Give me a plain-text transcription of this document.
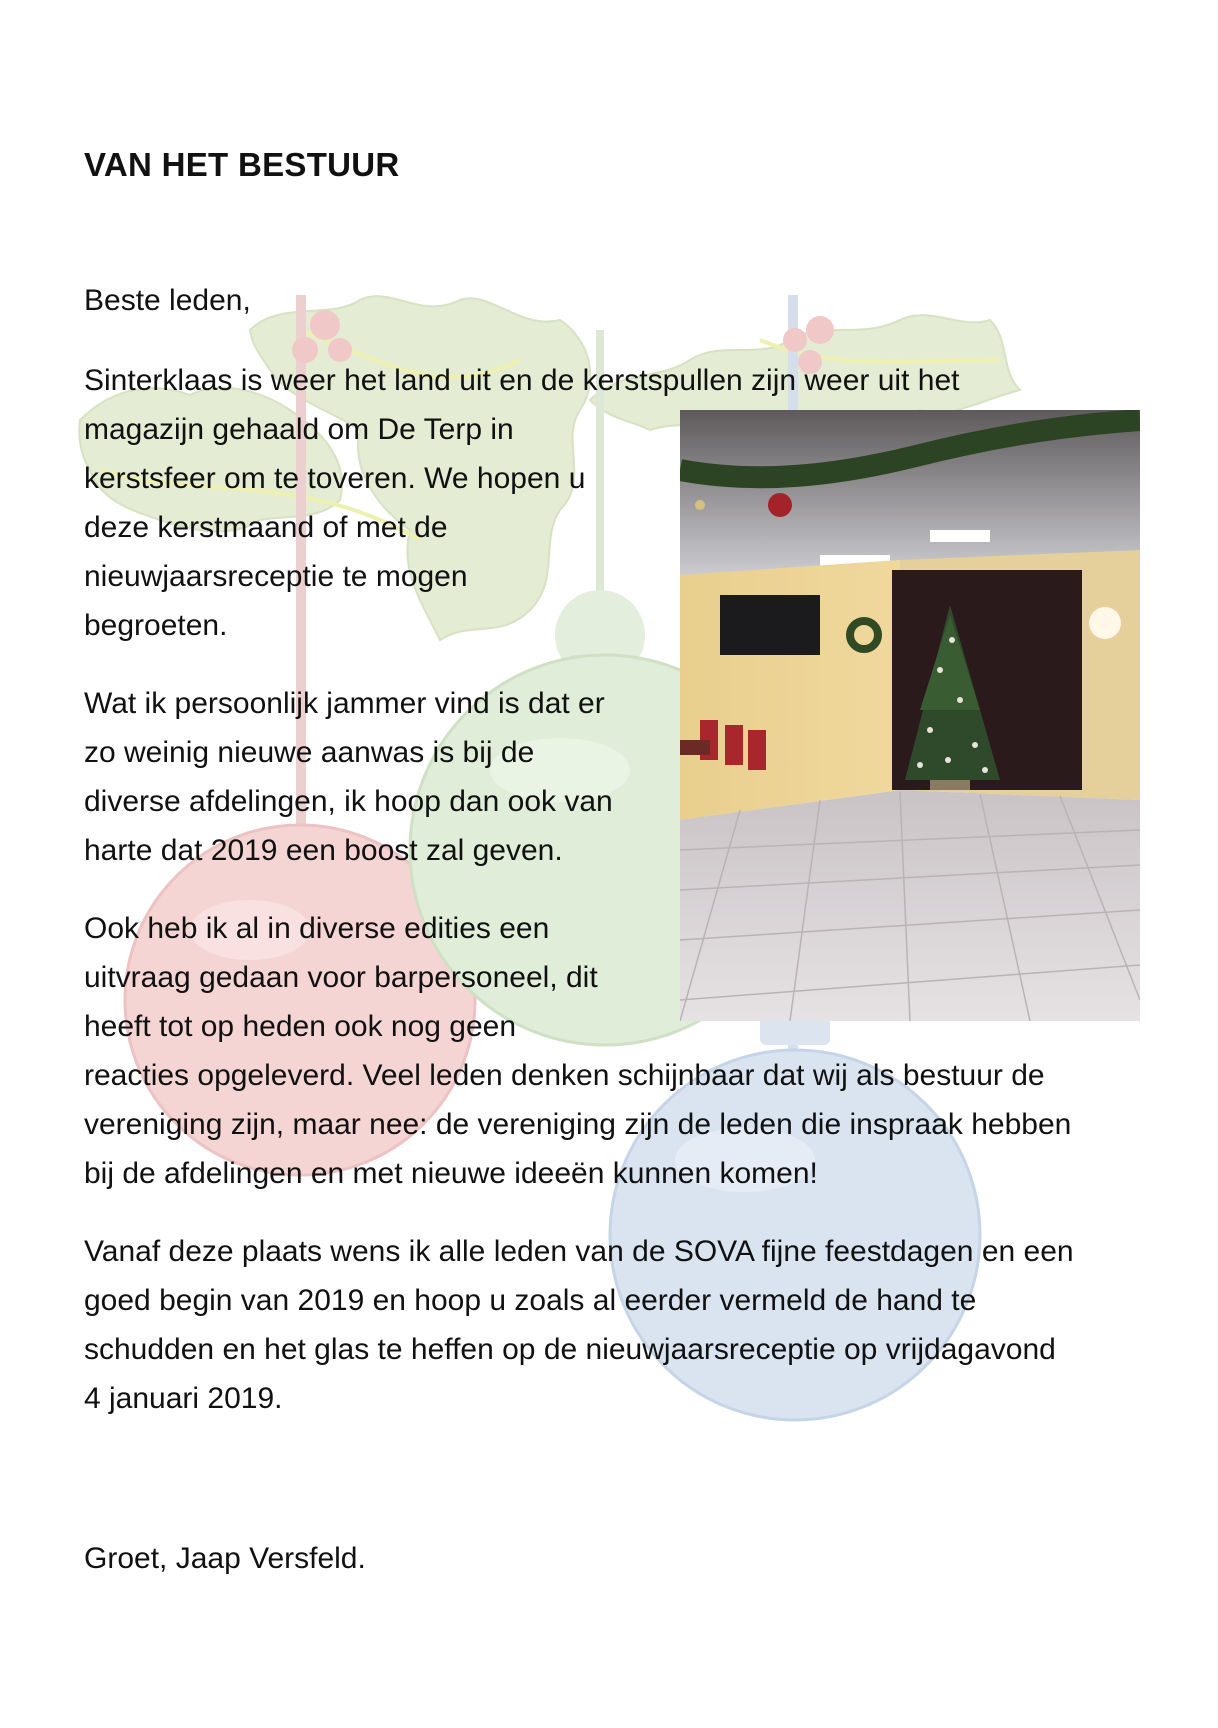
VAN HET BESTUUR
Beste leden,
Sinterklaas is weer het land uit en de kerstspullen zijn weer uit het
magazijn gehaald om De Terp in
kerstsfeer om te toveren. We hopen u
deze kerstmaand of met de
nieuwjaarsreceptie te mogen
begroeten.
Wat ik persoonlijk jammer vind is dat er
zo weinig nieuwe aanwas is bij de
diverse afdelingen, ik hoop dan ook van
harte dat 2019 een boost zal geven.
Ook heb ik al in diverse edities een
uitvraag gedaan voor barpersoneel, dit
heeft tot op heden ook nog geen
reacties opgeleverd. Veel leden denken schijnbaar dat wij als bestuur de
vereniging zijn, maar nee: de vereniging zijn de leden die inspraak hebben
bij de afdelingen en met nieuwe ideeën kunnen komen!
Vanaf deze plaats wens ik alle leden van de SOVA fijne feestdagen en een
goed begin van 2019 en hoop u zoals al eerder vermeld de hand te
schudden en het glas te heffen op de nieuwjaarsreceptie op vrijdagavond
4 januari 2019.
Groet, Jaap Versfeld.
